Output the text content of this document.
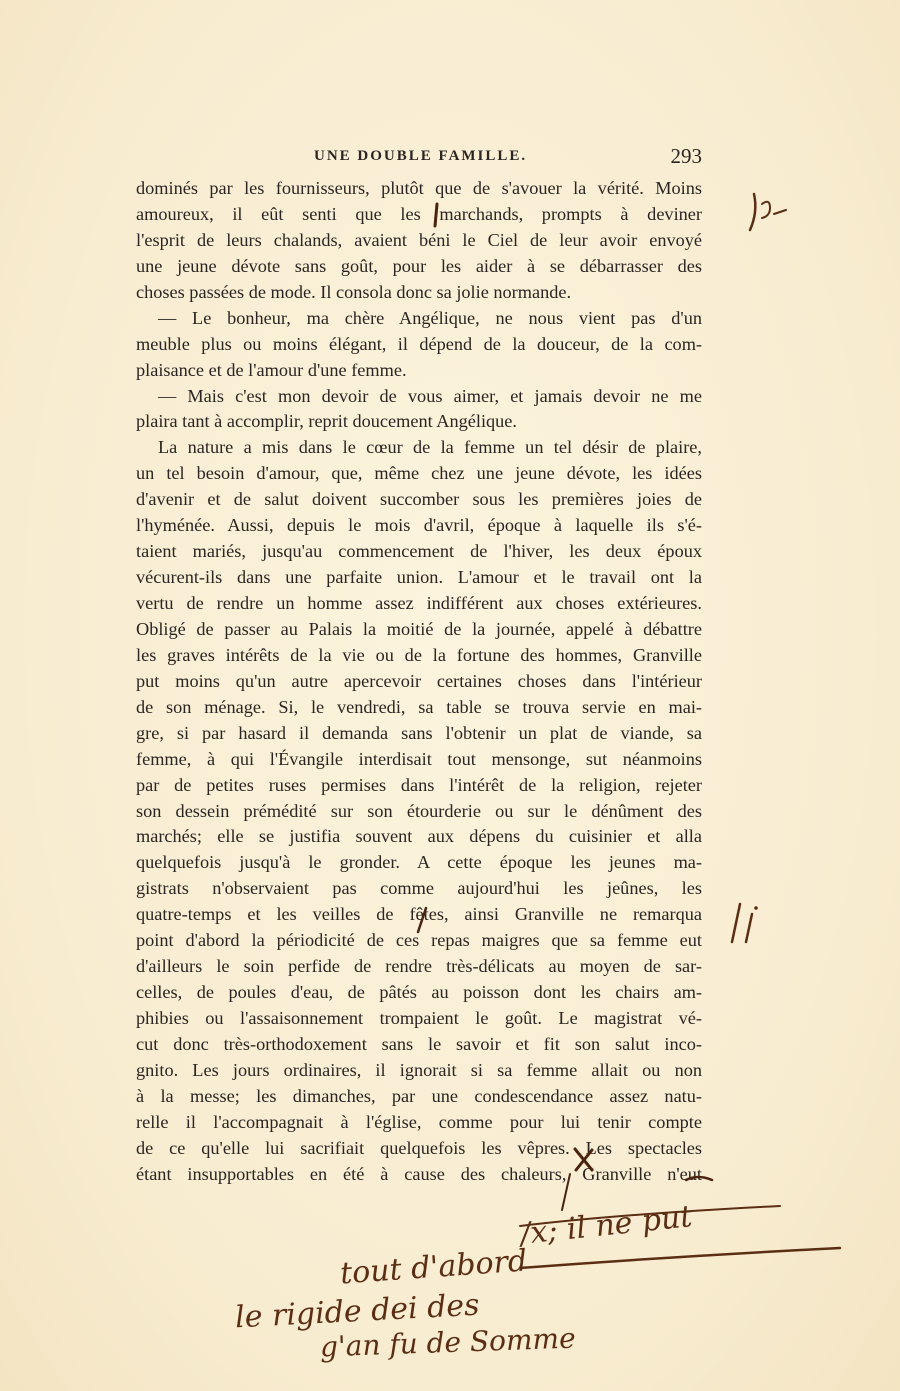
UNE DOUBLE FAMILLE.	293
dominés par les fournisseurs, plutôt que de s'avouer la vérité. Moins
amoureux, il eût senti que les marchands, prompts à deviner
l'esprit de leurs chalands, avaient béni le Ciel de leur avoir envoyé
une jeune dévote sans goût, pour les aider à se débarrasser des
choses passées de mode. Il consola donc sa jolie normande.
— Le bonheur, ma chère Angélique, ne nous vient pas d'un
meuble plus ou moins élégant, il dépend de la douceur, de la com-
plaisance et de l'amour d'une femme.
— Mais c'est mon devoir de vous aimer, et jamais devoir ne me
plaira tant à accomplir, reprit doucement Angélique.
La nature a mis dans le cœur de la femme un tel désir de plaire,
un tel besoin d'amour, que, même chez une jeune dévote, les idées
d'avenir et de salut doivent succomber sous les premières joies de
l'hyménée. Aussi, depuis le mois d'avril, époque à laquelle ils s'é-
taient mariés, jusqu'au commencement de l'hiver, les deux époux
vécurent-ils dans une parfaite union. L'amour et le travail ont la
vertu de rendre un homme assez indifférent aux choses extérieures.
Obligé de passer au Palais la moitié de la journée, appelé à débattre
les graves intérêts de la vie ou de la fortune des hommes, Granville
put moins qu'un autre apercevoir certaines choses dans l'intérieur
de son ménage. Si, le vendredi, sa table se trouva servie en mai-
gre, si par hasard il demanda sans l'obtenir un plat de viande, sa
femme, à qui l'Évangile interdisait tout mensonge, sut néanmoins
par de petites ruses permises dans l'intérêt de la religion, rejeter
son dessein prémédité sur son étourderie ou sur le dénûment des
marchés; elle se justifia souvent aux dépens du cuisinier et alla
quelquefois jusqu'à le gronder. A cette époque les jeunes ma-
gistrats n'observaient pas comme aujourd'hui les jeûnes, les
quatre-temps et les veilles de fêtes, ainsi Granville ne remarqua
point d'abord la périodicité de ces repas maigres que sa femme eut
d'ailleurs le soin perfide de rendre très-délicats au moyen de sar-
celles, de poules d'eau, de pâtés au poisson dont les chairs am-
phibies ou l'assaisonnement trompaient le goût. Le magistrat vé-
cut donc très-orthodoxement sans le savoir et fit son salut inco-
gnito. Les jours ordinaires, il ignorait si sa femme allait ou non
à la messe; les dimanches, par une condescendance assez natu-
relle il l'accompagnait à l'église, comme pour lui tenir compte
de ce qu'elle lui sacrifiait quelquefois les vêpres. Les spectacles
étant insupportables en été à cause des chaleurs, Granville n'eut
/x; il ne put
tout d'abord
le rigide dei des
g'an fu de Somme
